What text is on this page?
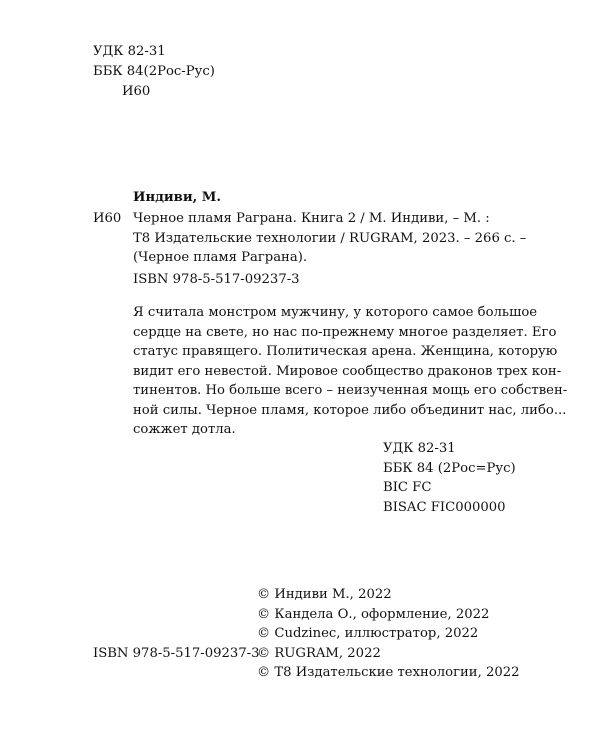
УДК 82-31
ББК 84(2Рос-Рус)
И60
Индиви, М.
И60 Черное пламя Раграна. Книга 2 / М. Индиви, – М. :
Т8 Издательские технологии / RUGRAM, 2023. – 266 с. –
(Черное пламя Раграна).
ISBN 978-5-517-09237-3
Я считала монстром мужчину, у которого самое большое
сердце на свете, но нас по-прежнему многое разделяет. Его
статус правящего. Политическая арена. Женщина, которую
видит его невестой. Мировое сообщество драконов трех кон-
тинентов. Но больше всего – неизученная мощь его собствен-
ной силы. Черное пламя, которое либо объединит нас, либо...
сожжет дотла.
УДК 82-31
ББК 84 (2Рос=Рус)
BIC FC
BISAC FIC000000
© Индиви М., 2022
© Кандела О., оформление, 2022
© Cudzinec, иллюстратор, 2022
© RUGRAM, 2022
© Т8 Издательские технологии, 2022
ISBN 978-5-517-09237-3
